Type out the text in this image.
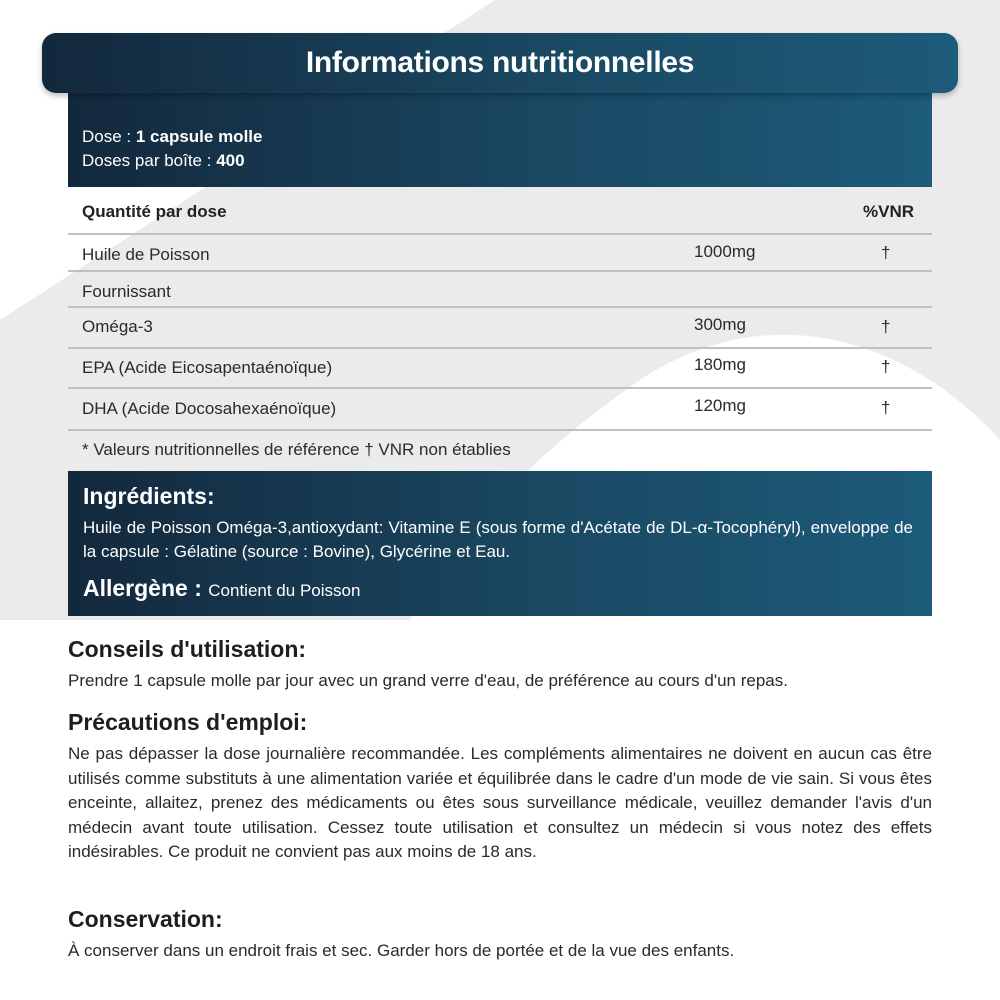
Informations nutritionnelles
Dose : 1 capsule molle
Doses par boîte : 400
Quantité par dose	%VNR
Huile de Poisson	1000mg	†
Fournissant
Oméga-3	300mg	†
EPA (Acide Eicosapentaénoïque)	180mg	†
DHA (Acide Docosahexaénoïque)	120mg	†
* Valeurs nutritionnelles de référence † VNR non établies
Ingrédients:
Huile de Poisson Oméga-3,antioxydant: Vitamine E (sous forme d'Acétate de DL-α-Tocophéryl), enveloppe de la capsule : Gélatine (source : Bovine), Glycérine et Eau.
Allergène : Contient du Poisson
Conseils d'utilisation:

Prendre 1 capsule molle par jour avec un grand verre d'eau, de préférence au cours d'un repas.

Précautions d'emploi:

Ne pas dépasser la dose journalière recommandée. Les compléments alimentaires ne doivent en aucun cas être utilisés comme substituts à une alimentation variée et équilibrée dans le cadre d'un mode de vie sain. Si vous êtes enceinte, allaitez, prenez des médicaments ou êtes sous surveillance médicale, veuillez demander l'avis d'un médecin avant toute utilisation. Cessez toute utilisation et consultez un médecin si vous notez des effets indésirables. Ce produit ne convient pas aux moins de 18 ans.

Conservation:

À conserver dans un endroit frais et sec. Garder hors de portée et de la vue des enfants.
